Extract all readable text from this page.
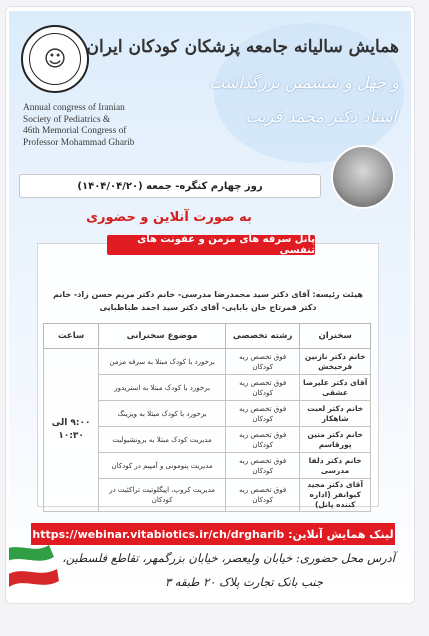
☺
Annual congress of Iranian
Society of Pediatrics &
46th Memorial Congress of
Professor Mohammad Gharib
همایش سالیانه جامعه پزشکان کودکان ایران
و چهل و ششمین بزرگداشت
استاد دکتر محمد قریب
روز چهارم کنگره- جمعه (۱۴۰۴/۰۴/۲۰)
به صورت آنلاین و حضوری
پانل سرفه های مزمن و عفونت های تنفسی
هیئت رئیسه: آقای دکتر سید محمدرضا مدرسی- خانم دکتر مریم حسن زاد- خانم دکتر قمرتاج خان بابایی- آقای دکتر سید احمد طباطبایی
سخنران	رشته تخصصی	موضوع سخنرانی	ساعت
خانم دکتر نازنین فرحبخش	فوق تخصص ریه کودکان	برخورد با کودک مبتلا به سرفه مزمن	۹:۰۰ الی ۱۰:۳۰
آقای دکتر علیرضا عشقی	فوق تخصص ریه کودکان	برخورد با کودک مبتلا به استریدور	
خانم دکتر لعبت شاهکار	فوق تخصص ریه کودکان	برخورد با کودک مبتلا به ویزینگ	
خانم دکتر متین پورقاسم	فوق تخصص ریه کودکان	مدیریت کودک مبتلا به برونشیولیت	
خانم دکتر دلفا مدرسی	فوق تخصص ریه کودکان	مدیریت پنومونی و آمپیم در کودکان	
آقای دکتر مجید کیوانفر (اداره کننده پانل)	فوق تخصص ریه کودکان	مدیریت کروپ، اپیگلوتیت تراکئیت در کودکان	
لینک همایش آنلاین: https://webinar.vitabiotics.ir/ch/drgharib
آدرس محل حضوری: خیابان ولیعصر، خیابان بزرگمهر، تقاطع فلسطین،
جنب بانک تجارت پلاک ۲۰ طبقه ۳
